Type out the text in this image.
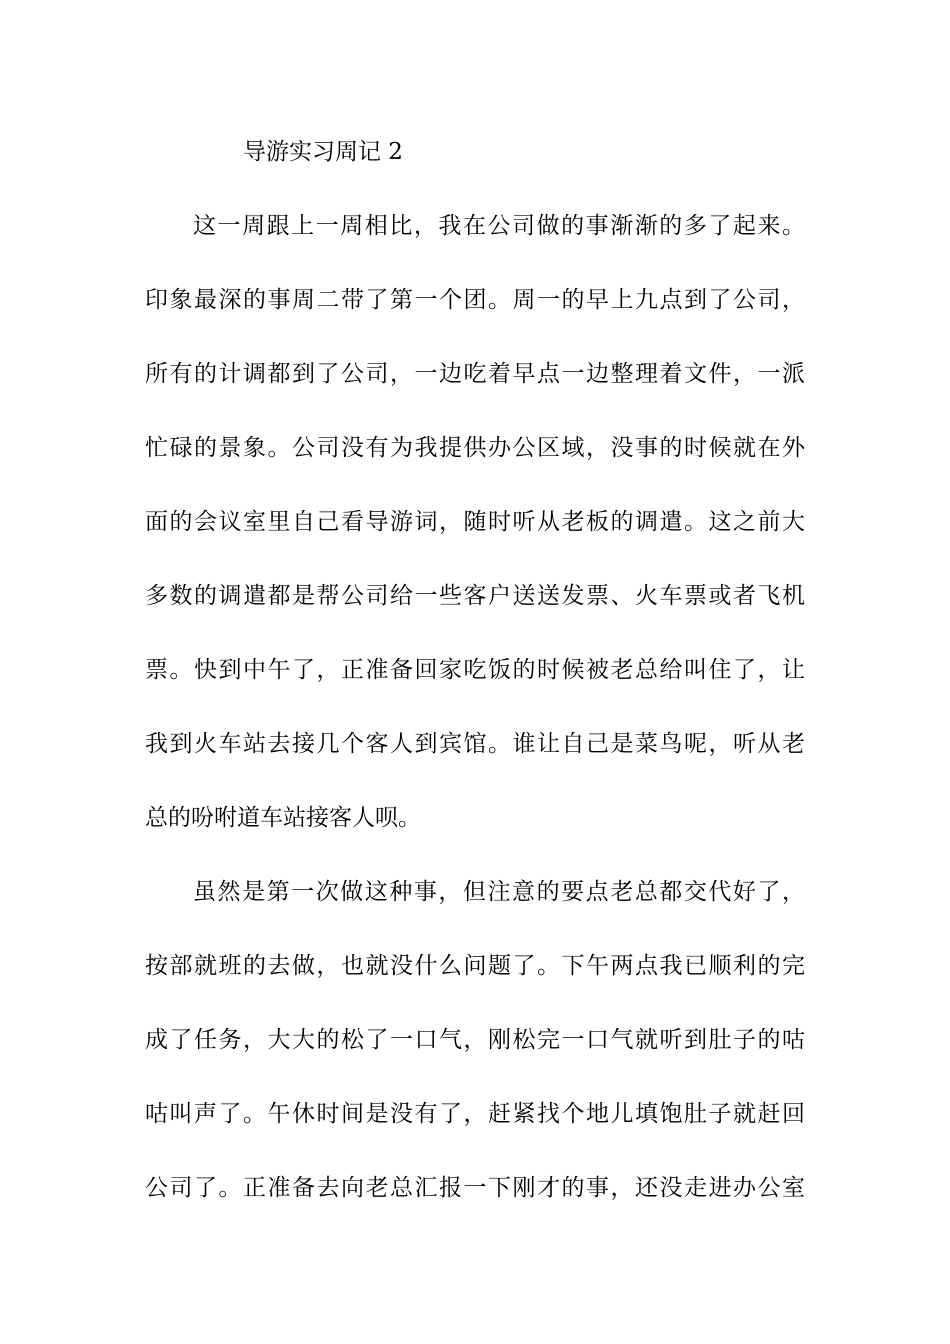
导游实习周记 2
这一周跟上一周相比，我在公司做的事渐渐的多了起来。
印象最深的事周二带了第一个团。周一的早上九点到了公司，
所有的计调都到了公司，一边吃着早点一边整理着文件，一派
忙碌的景象。公司没有为我提供办公区域，没事的时候就在外
面的会议室里自己看导游词，随时听从老板的调遣。这之前大
多数的调遣都是帮公司给一些客户送送发票、火车票或者飞机
票。快到中午了，正准备回家吃饭的时候被老总给叫住了，让
我到火车站去接几个客人到宾馆。谁让自己是菜鸟呢，听从老
总的吩咐道车站接客人呗。
虽然是第一次做这种事，但注意的要点老总都交代好了，
按部就班的去做，也就没什么问题了。下午两点我已顺利的完
成了任务，大大的松了一口气，刚松完一口气就听到肚子的咕
咕叫声了。午休时间是没有了，赶紧找个地儿填饱肚子就赶回
公司了。正准备去向老总汇报一下刚才的事，还没走进办公室
